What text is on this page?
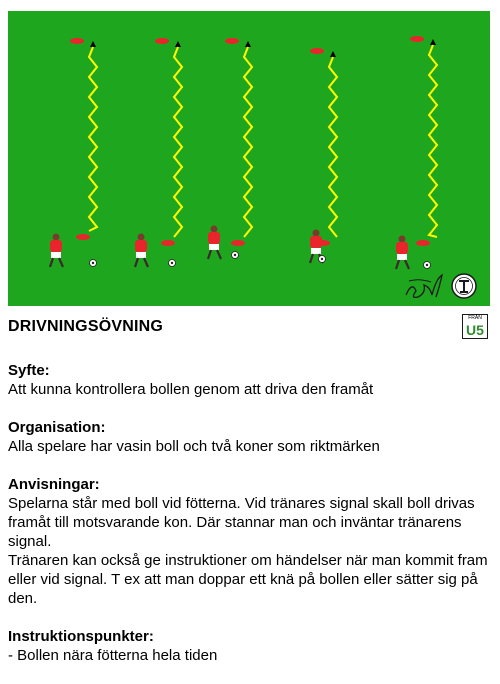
DRIVNINGSÖVNING	FRÅN
U5
Syfte:

Att kunna kontrollera bollen genom att driva den framåt

Organisation:

Alla spelare har vasin boll och två koner som riktmärken

Anvisningar:

Spelarna står med boll vid fötterna. Vid tränares signal skall boll drivas framåt till motsvarande kon. Där stannar man och inväntar tränarens signal.

Tränaren kan också ge instruktioner om händelser när man kommit fram eller vid signal. T ex att man doppar ett knä på bollen eller sätter sig på den.

Instruktionspunkter:

- Bollen nära fötterna hela tiden
